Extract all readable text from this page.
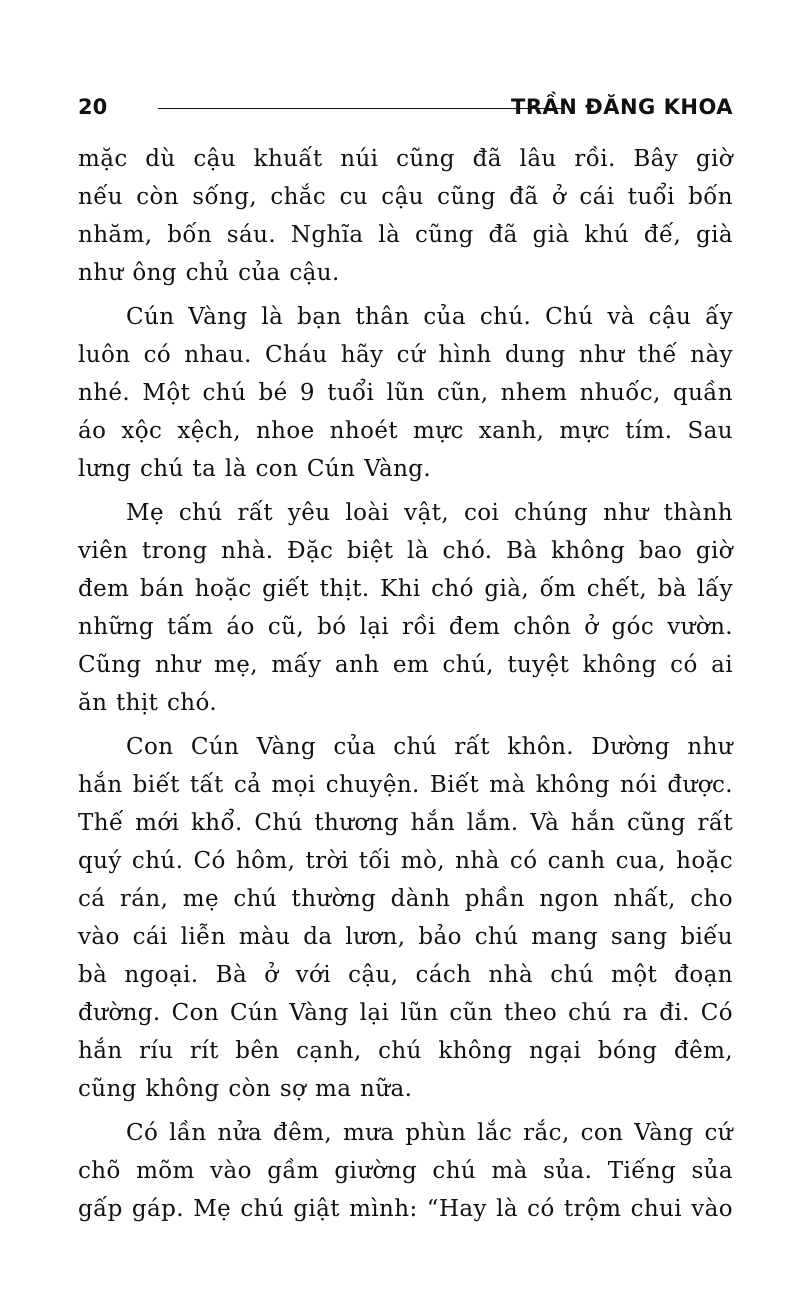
20	TRẦN ĐĂNG KHOA
mặc dù cậu khuất núi cũng đã lâu rồi. Bây giờ
nếu còn sống, chắc cu cậu cũng đã ở cái tuổi bốn
nhăm, bốn sáu. Nghĩa là cũng đã già khú đế, già
như ông chủ của cậu.
Cún Vàng là bạn thân của chú. Chú và cậu ấy
luôn có nhau. Cháu hãy cứ hình dung như thế này
nhé. Một chú bé 9 tuổi lũn cũn, nhem nhuốc, quần
áo xộc xệch, nhoe nhoét mực xanh, mực tím. Sau
lưng chú ta là con Cún Vàng.
Mẹ chú rất yêu loài vật, coi chúng như thành
viên trong nhà. Đặc biệt là chó. Bà không bao giờ
đem bán hoặc giết thịt. Khi chó già, ốm chết, bà lấy
những tấm áo cũ, bó lại rồi đem chôn ở góc vườn.
Cũng như mẹ, mấy anh em chú, tuyệt không có ai
ăn thịt chó.
Con Cún Vàng của chú rất khôn. Dường như
hắn biết tất cả mọi chuyện. Biết mà không nói được.
Thế mới khổ. Chú thương hắn lắm. Và hắn cũng rất
quý chú. Có hôm, trời tối mò, nhà có canh cua, hoặc
cá rán, mẹ chú thường dành phần ngon nhất, cho
vào cái liễn màu da lươn, bảo chú mang sang biếu
bà ngoại. Bà ở với cậu, cách nhà chú một đoạn
đường. Con Cún Vàng lại lũn cũn theo chú ra đi. Có
hắn ríu rít bên cạnh, chú không ngại bóng đêm,
cũng không còn sợ ma nữa.
Có lần nửa đêm, mưa phùn lắc rắc, con Vàng cứ
chõ mõm vào gầm giường chú mà sủa. Tiếng sủa
gấp gáp. Mẹ chú giật mình: “Hay là có trộm chui vào
